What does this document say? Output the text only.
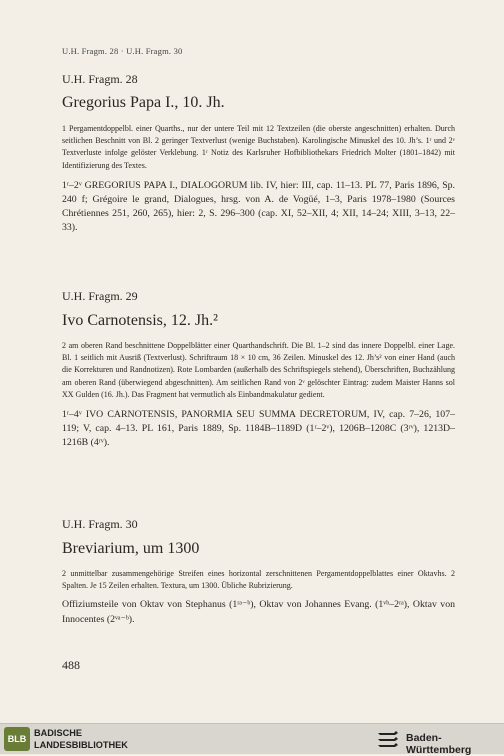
U.H. Fragm. 28 · U.H. Fragm. 30

U.H. Fragm. 28

Gregorius Papa I., 10. Jh.

1 Pergamentdoppelbl. einer Quarths., nur der untere Teil mit 12 Textzeilen (die oberste angeschnitten) erhalten. Durch seitlichen Beschnitt von Bl. 2 geringer Textverlust (wenige Buchstaben). Karolingische Minuskel des 10. Jh’s. 1ʳ und 2ᵛ Textverluste infolge gelöster Verklebung. 1ʳ Notiz des Karlsruher Hofbibliothekars Friedrich Molter (1801–1842) mit Identifizierung des Textes.

1ʳ–2ᵛ GREGORIUS PAPA I., DIALOGORUM lib. IV, hier: III, cap. 11–13. PL 77, Paris 1896, Sp. 240 f; Grégoire le grand, Dialogues, hrsg. von A. de Vogüé, 1–3, Paris 1978–1980 (Sources Chrétiennes 251, 260, 265), hier: 2, S. 296–300 (cap. XI, 52–XII, 4; XII, 14–24; XIII, 3–13, 22–33).

U.H. Fragm. 29

Ivo Carnotensis, 12. Jh.²

2 am oberen Rand beschnittene Doppelblätter einer Quarthandschrift. Die Bl. 1–2 sind das innere Doppelbl. einer Lage. Bl. 1 seitlich mit Ausriß (Textverlust). Schriftraum 18 × 10 cm, 36 Zeilen. Minuskel des 12. Jh’s² von einer Hand (auch die Korrekturen und Randnotizen). Rote Lombarden (außerhalb des Schriftspiegels stehend), Überschriften, Buchzählung am oberen Rand (überwiegend abgeschnitten). Am seitlichen Rand von 2ᵛ gelöschter Eintrag: zudem Maister Hanns sol XX Gulden (16. Jh.). Das Fragment hat vermutlich als Einbandmakulatur gedient.

1ʳ–4ᵛ IVO CARNOTENSIS, PANORMIA SEU SUMMA DECRETORUM, IV, cap. 7–26, 107–119; V, cap. 4–13. PL 161, Paris 1889, Sp. 1184B–1189D (1ʳ–2ᵛ), 1206B–1208C (3ʳᵛ), 1213D–1216B (4ʳᵛ).

U.H. Fragm. 30

Breviarium, um 1300

2 unmittelbar zusammengehörige Streifen eines horizontal zerschnittenen Pergamentdoppelblattes einer Oktavhs. 2 Spalten. Je 15 Zeilen erhalten. Textura, um 1300. Übliche Rubrizierung.

Offiziumsteile von Oktav von Stephanus (1ʳᵃ⁻ᵇ), Oktav von Johannes Evang. (1ᵛᵇ–2ʳᵃ), Oktav von Innocentes (2ᵛᵃ⁻ᵇ).

488
BLB
BADISCHE
LANDESBIBLIOTHEK
Baden-Württemberg
